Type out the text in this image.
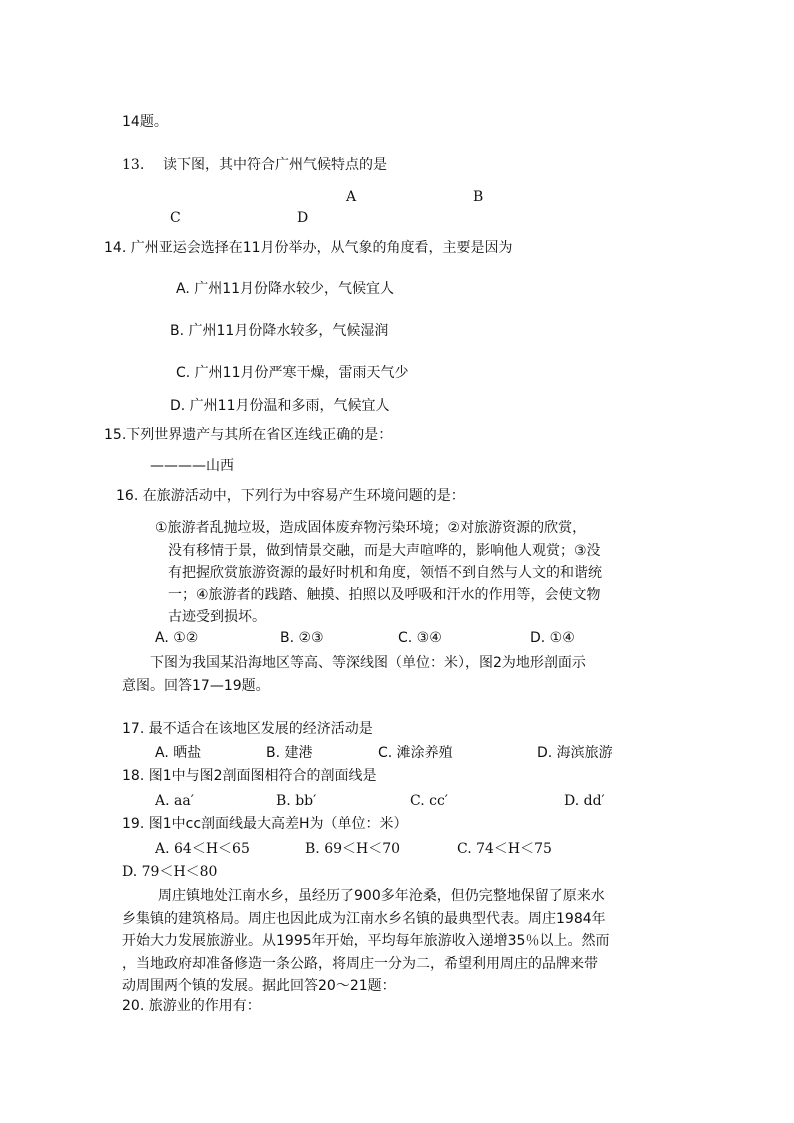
14题。
13. 读下图，其中符合广州气候特点的是
A	B
C	D
14. 广州亚运会选择在11月份举办，从气象的角度看，主要是因为
A. 广州11月份降水较少，气候宜人
B. 广州11月份降水较多，气候湿润
C. 广州11月份严寒干燥，雷雨天气少
D. 广州11月份温和多雨，气候宜人
15.下列世界遗产与其所在省区连线正确的是：
————山西
16. 在旅游活动中，下列行为中容易产生环境问题的是：
①旅游者乱抛垃圾，造成固体废弃物污染环境；②对旅游资源的欣赏，
没有移情于景，做到情景交融，而是大声喧哗的，影响他人观赏；③没
有把握欣赏旅游资源的最好时机和角度，领悟不到自然与人文的和谐统
一；④旅游者的践踏、触摸、拍照以及呼吸和汗水的作用等，会使文物
古迹受到损坏。
A. ①②	B. ②③	C. ③④	D. ①④
下图为我国某沿海地区等高、等深线图（单位：米），图2为地形剖面示
意图。回答17—19题。
17. 最不适合在该地区发展的经济活动是
A. 晒盐	B. 建港	C. 滩涂养殖	D. 海滨旅游
18. 图1中与图2剖面图相符合的剖面线是
A. aa′	B. bb′	C. cc′	D. dd′
19. 图1中cc剖面线最大高差H为（单位：米）
A. 64＜H＜65	B. 69＜H＜70	C. 74＜H＜75
D. 79＜H＜80
周庄镇地处江南水乡，虽经历了900多年沧桑，但仍完整地保留了原来水
乡集镇的建筑格局。周庄也因此成为江南水乡名镇的最典型代表。周庄1984年
开始大力发展旅游业。从1995年开始，平均每年旅游收入递增35％以上。然而
，当地政府却准备修造一条公路，将周庄一分为二，希望利用周庄的品牌来带
动周围两个镇的发展。据此回答20～21题：
20. 旅游业的作用有：
